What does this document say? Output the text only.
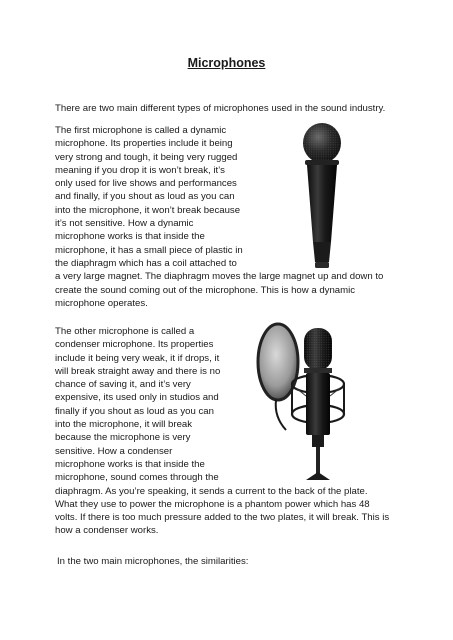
Microphones
There are two main different types of microphones used in the sound industry.
The first microphone is called a dynamic
microphone. Its properties include it being
very strong and tough, it being very rugged
meaning if you drop it is won’t break, it’s
only used for live shows and performances
and finally, if you shout as loud as you can
into the microphone, it won’t break because
it’s not sensitive. How a dynamic
microphone works is that inside the
microphone, it has a small piece of plastic in
the diaphragm which has a coil attached to
a very large magnet. The diaphragm moves the large magnet up and down to
create the sound coming out of the microphone. This is how a dynamic
microphone operates.
The other microphone is called a
condenser microphone. Its properties
include it being very weak, it if drops, it
will break straight away and there is no
chance of saving it, and it’s very
expensive, its used only in studios and
finally if you shout as loud as you can
into the microphone, it will break
because the microphone is very
sensitive. How a condenser
microphone works is that inside the
microphone, sound comes through the
diaphragm. As you’re speaking, it sends a current to the back of the plate.
What they use to power the microphone is a phantom power which has 48
volts. If there is too much pressure added to the two plates, it will break. This is
how a condenser works.
In the two main microphones, the similarities:
